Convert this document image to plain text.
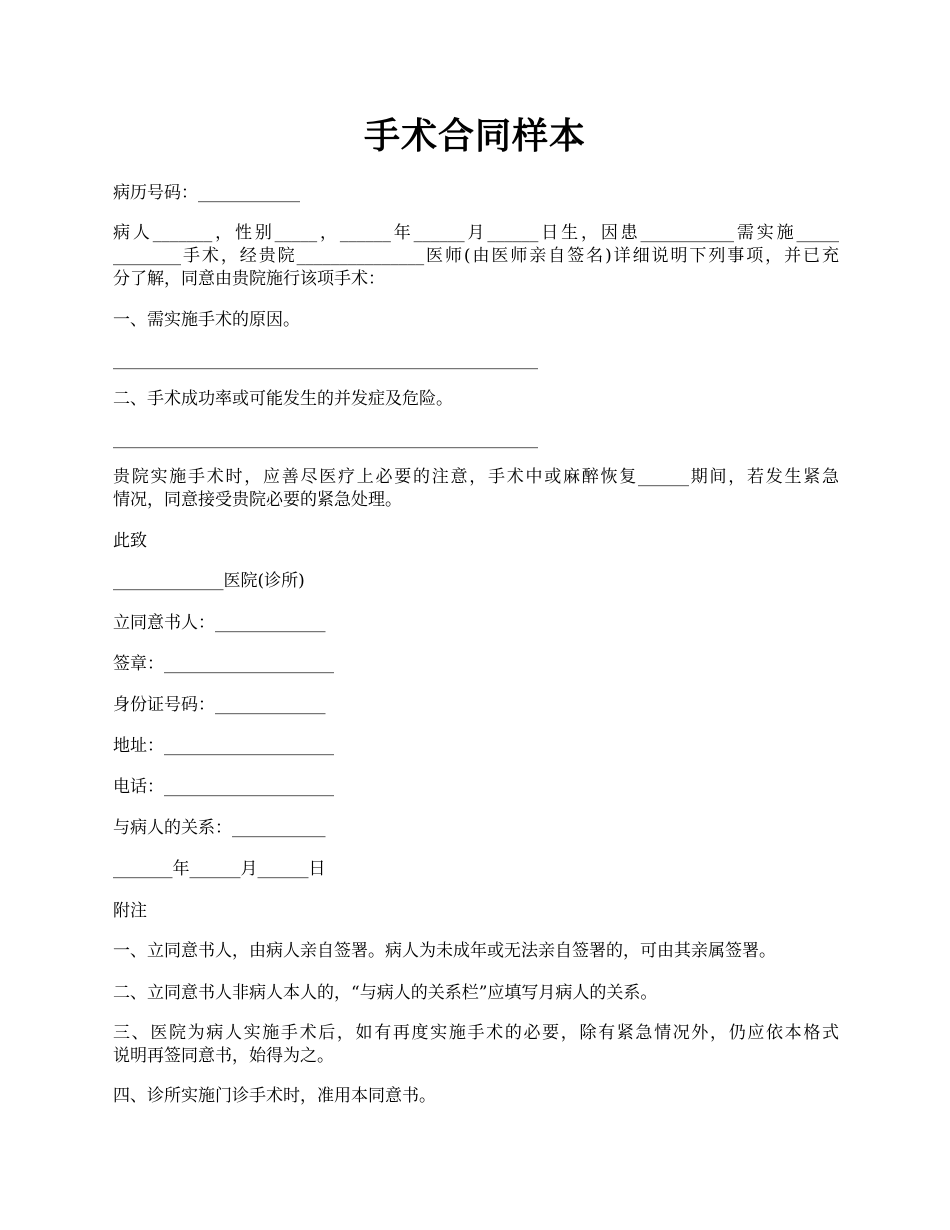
手术合同样本

病历号码：____________

病人_______，性别_____，______年______月______日生，因患___________需实施_____
________手术，经贵院_______________医师(由医师亲自签名)详细说明下列事项，并已充
分了解，同意由贵院施行该项手术：

一、需实施手术的原因。

__________________________________________________

二、手术成功率或可能发生的并发症及危险。

__________________________________________________

贵院实施手术时，应善尽医疗上必要的注意，手术中或麻醉恢复______期间，若发生紧急
情况，同意接受贵院必要的紧急处理。

此致

_____________医院(诊所)

立同意书人：_____________

签章：____________________

身份证号码：_____________

地址：____________________

电话：____________________

与病人的关系：___________

_______年______月______日

附注

一、立同意书人，由病人亲自签署。病人为未成年或无法亲自签署的，可由其亲属签署。

二、立同意书人非病人本人的，“与病人的关系栏”应填写月病人的关系。

三、医院为病人实施手术后，如有再度实施手术的必要，除有紧急情况外，仍应依本格式
说明再签同意书，始得为之。

四、诊所实施门诊手术时，准用本同意书。
